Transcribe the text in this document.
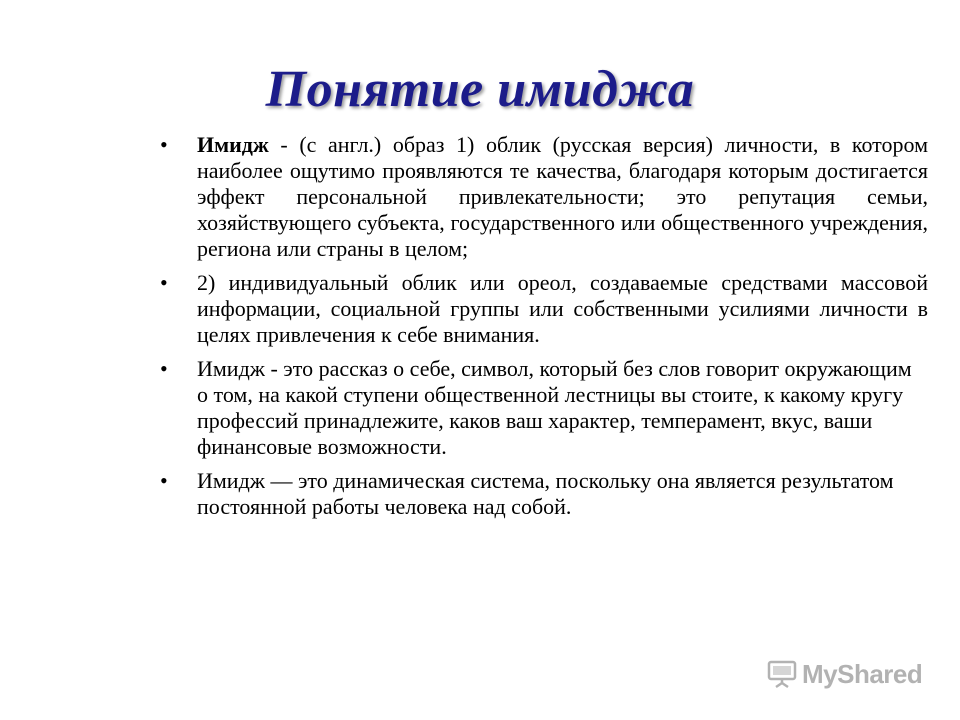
Понятие имиджа
•	Имидж - (с англ.) образ 1) облик (русская версия) личности, в котором наиболее ощутимо проявляются те качества, благодаря которым достигается эффект персональной привлекательности; это репутация семьи, хозяйствующего субъекта, государственного или общественного учреждения, региона или страны в целом;
•	2) индивидуальный облик или ореол, создаваемые средствами массовой информации, социальной группы или собственными усилиями личности в целях привлечения к себе внимания.
•	Имидж - это рассказ о себе, символ, который без слов говорит окружающим о том, на какой ступени общественной лестницы вы стоите, к какому кругу профессий принадлежите, каков ваш характер, темперамент, вкус, ваши финансовые возможности.
•	Имидж — это динамическая система, поскольку она является результатом постоянной работы человека над собой.
MyShared
